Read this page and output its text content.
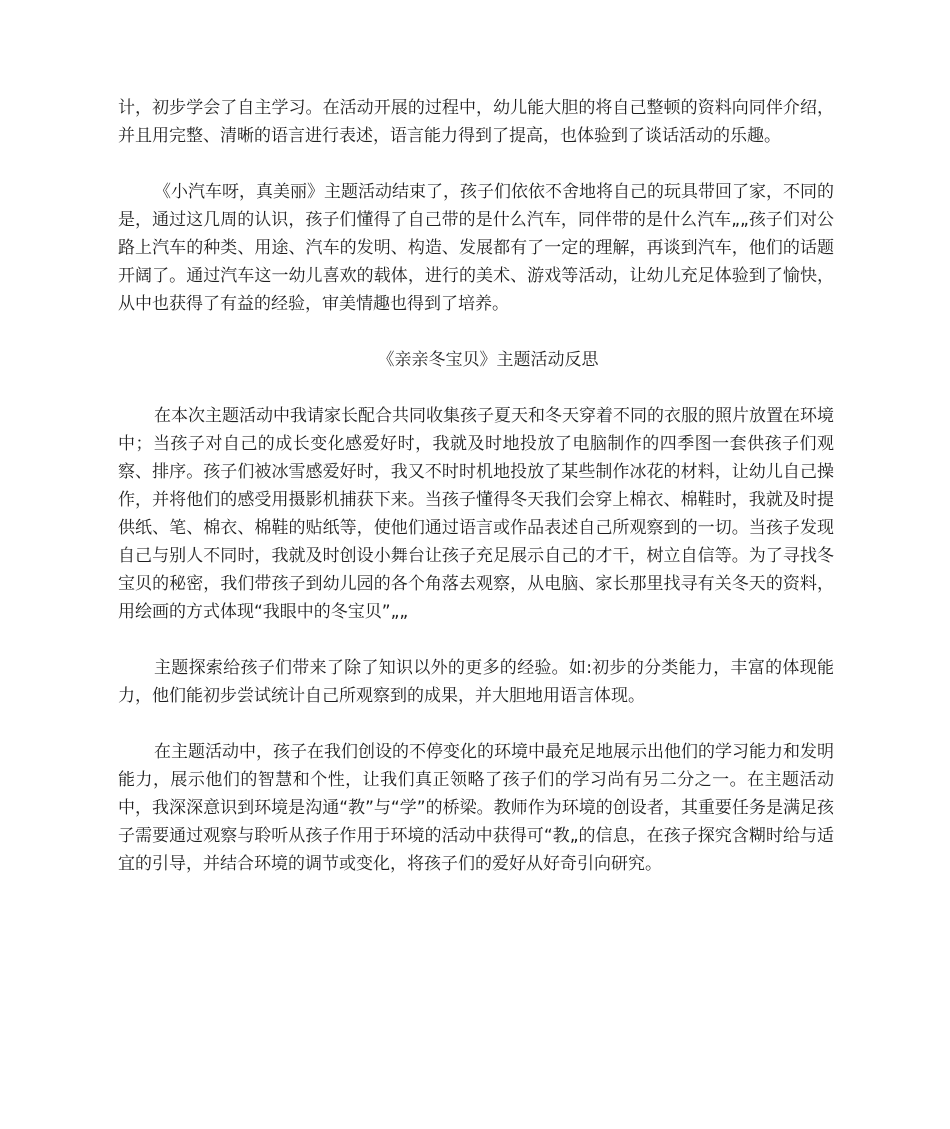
计，初步学会了自主学习。在活动开展的过程中，幼儿能大胆的将自己整顿的资料向同伴介绍，并且用完整、清晰的语言进行表述，语言能力得到了提高，也体验到了谈话活动的乐趣。

《小汽车呀，真美丽》主题活动结束了，孩子们依依不舍地将自己的玩具带回了家，不同的是，通过这几周的认识，孩子们懂得了自己带的是什么汽车，同伴带的是什么汽车„„孩子们对公路上汽车的种类、用途、汽车的发明、构造、发展都有了一定的理解，再谈到汽车，他们的话题开阔了。通过汽车这一幼儿喜欢的载体，进行的美术、游戏等活动，让幼儿充足体验到了愉快，从中也获得了有益的经验，审美情趣也得到了培养。

《亲亲冬宝贝》主题活动反思

在本次主题活动中我请家长配合共同收集孩子夏天和冬天穿着不同的衣服的照片放置在环境中；当孩子对自己的成长变化感爱好时，我就及时地投放了电脑制作的四季图一套供孩子们观察、排序。孩子们被冰雪感爱好时，我又不时时机地投放了某些制作冰花的材料，让幼儿自己操作，并将他们的感受用摄影机捕获下来。当孩子懂得冬天我们会穿上棉衣、棉鞋时，我就及时提供纸、笔、棉衣、棉鞋的贴纸等，使他们通过语言或作品表述自己所观察到的一切。当孩子发现自己与别人不同时，我就及时创设小舞台让孩子充足展示自己的才干，树立自信等。为了寻找冬宝贝的秘密，我们带孩子到幼儿园的各个角落去观察，从电脑、家长那里找寻有关冬天的资料，用绘画的方式体现“我眼中的冬宝贝”„„

主题探索给孩子们带来了除了知识以外的更多的经验。如:初步的分类能力，丰富的体现能力，他们能初步尝试统计自己所观察到的成果，并大胆地用语言体现。

在主题活动中，孩子在我们创设的不停变化的环境中最充足地展示出他们的学习能力和发明能力，展示他们的智慧和个性，让我们真正领略了孩子们的学习尚有另二分之一。在主题活动中，我深深意识到环境是沟通“教”与“学”的桥梁。教师作为环境的创设者，其重要任务是满足孩子需要通过观察与聆听从孩子作用于环境的活动中获得可“教„的信息，在孩子探究含糊时给与适宜的引导，并结合环境的调节或变化，将孩子们的爱好从好奇引向研究。
